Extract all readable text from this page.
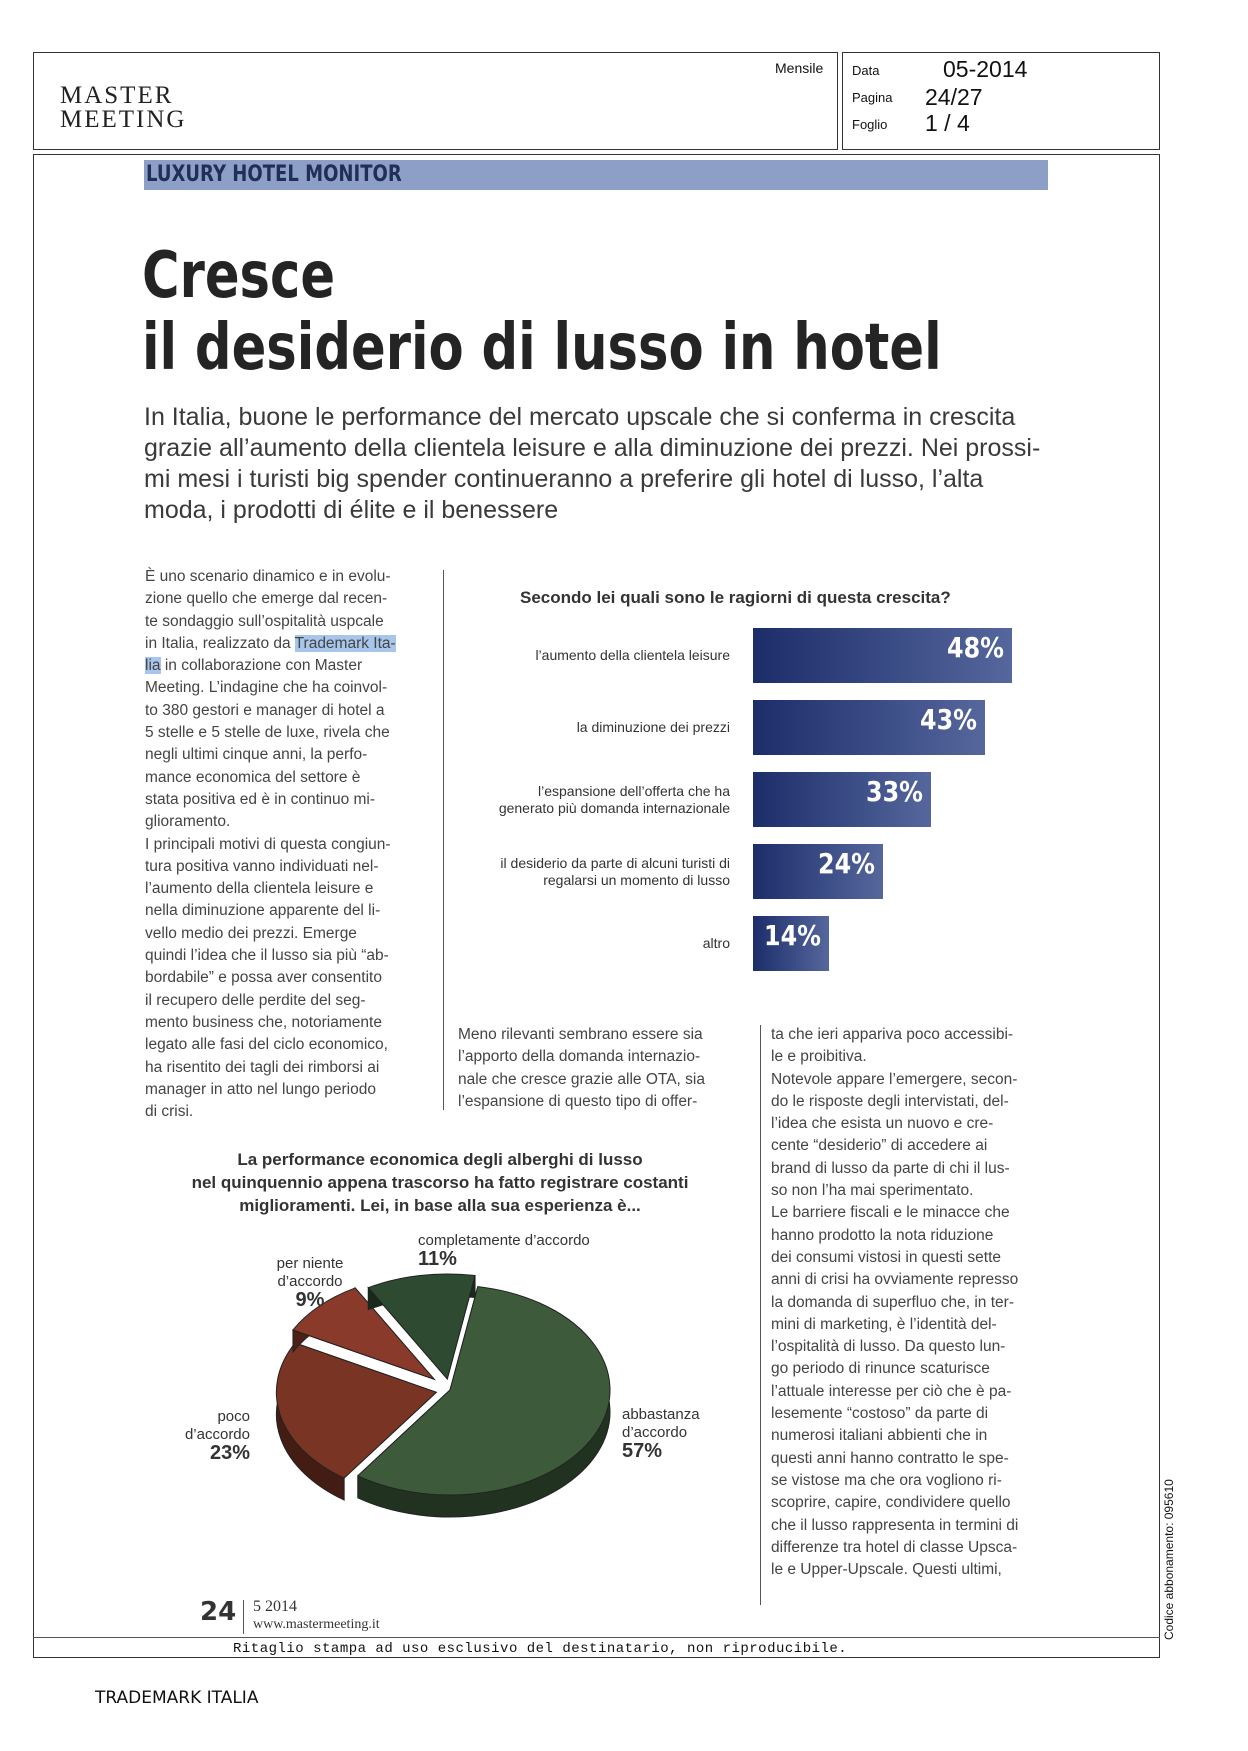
MASTER
MEETING
Mensile Data	05-2014
Pagina 24/27
Foglio 1 / 4
LUXURY HOTEL MONITOR
Cresce
il desiderio di lusso in hotel
In Italia, buone le performance del mercato upscale che si conferma in crescita
grazie all’aumento della clientela leisure e alla diminuzione dei prezzi. Nei prossi-
mi mesi i turisti big spender continueranno a preferire gli hotel di lusso, l’alta
moda, i prodotti di élite e il benessere
È uno scenario dinamico e in evolu-
zione quello che emerge dal recen-
te sondaggio sull’ospitalità uspcale
in Italia, realizzato da Trademark Ita-
lia in collaborazione con Master
Meeting. L’indagine che ha coinvol-
to 380 gestori e manager di hotel a
5 stelle e 5 stelle de luxe, rivela che
negli ultimi cinque anni, la perfo-
mance economica del settore è
stata positiva ed è in continuo mi-
glioramento.
I principali motivi di questa congiun-
tura positiva vanno individuati nel-
l’aumento della clientela leisure e
nella diminuzione apparente del li-
vello medio dei prezzi. Emerge
quindi l’idea che il lusso sia più “ab-
bordabile” e possa aver consentito
il recupero delle perdite del seg-
mento business che, notoriamente
legato alle fasi del ciclo economico,
ha risentito dei tagli dei rimborsi ai
manager in atto nel lungo periodo
di crisi.
Secondo lei quali sono le ragiorni di questa crescita?
l’aumento della clientela leisure	48%
la diminuzione dei prezzi	43%
l’espansione dell’offerta che ha
generato più domanda internazionale	33%
il desiderio da parte di alcuni turisti di
regalarsi un momento di lusso	24%
altro 14%
Meno rilevanti sembrano essere sia
l’apporto della domanda internazio-
nale che cresce grazie alle OTA, sia
l’espansione di questo tipo di offer-
ta che ieri appariva poco accessibi-
le e proibitiva.
Notevole appare l’emergere, secon-
do le risposte degli intervistati, del-
l’idea che esista un nuovo e cre-
cente “desiderio” di accedere ai
brand di lusso da parte di chi il lus-
so non l’ha mai sperimentato.
Le barriere fiscali e le minacce che
hanno prodotto la nota riduzione
dei consumi vistosi in questi sette
anni di crisi ha ovviamente represso
la domanda di superfluo che, in ter-
mini di marketing, è l’identità del-
l’ospitalità di lusso. Da questo lun-
go periodo di rinunce scaturisce
l’attuale interesse per ciò che è pa-
lesemente “costoso” da parte di
numerosi italiani abbienti che in
questi anni hanno contratto le spe-
se vistose ma che ora vogliono ri-
scoprire, capire, condividere quello
che il lusso rappresenta in termini di
differenze tra hotel di classe Upsca-
le e Upper-Upscale. Questi ultimi,
La performance economica degli alberghi di lusso
nel quinquennio appena trascorso ha fatto registrare costanti
miglioramenti. Lei, in base alla sua esperienza è...
completamente d’accordo
11%
per niente
d’accordo
9%
poco
d’accordo
23%
abbastanza
d’accordo
57%
24 5 2014
www.mastermeeting.it
Ritaglio stampa ad uso esclusivo del destinatario, non riproducibile.
Codice abbonamento: 095610
TRADEMARK ITALIA
